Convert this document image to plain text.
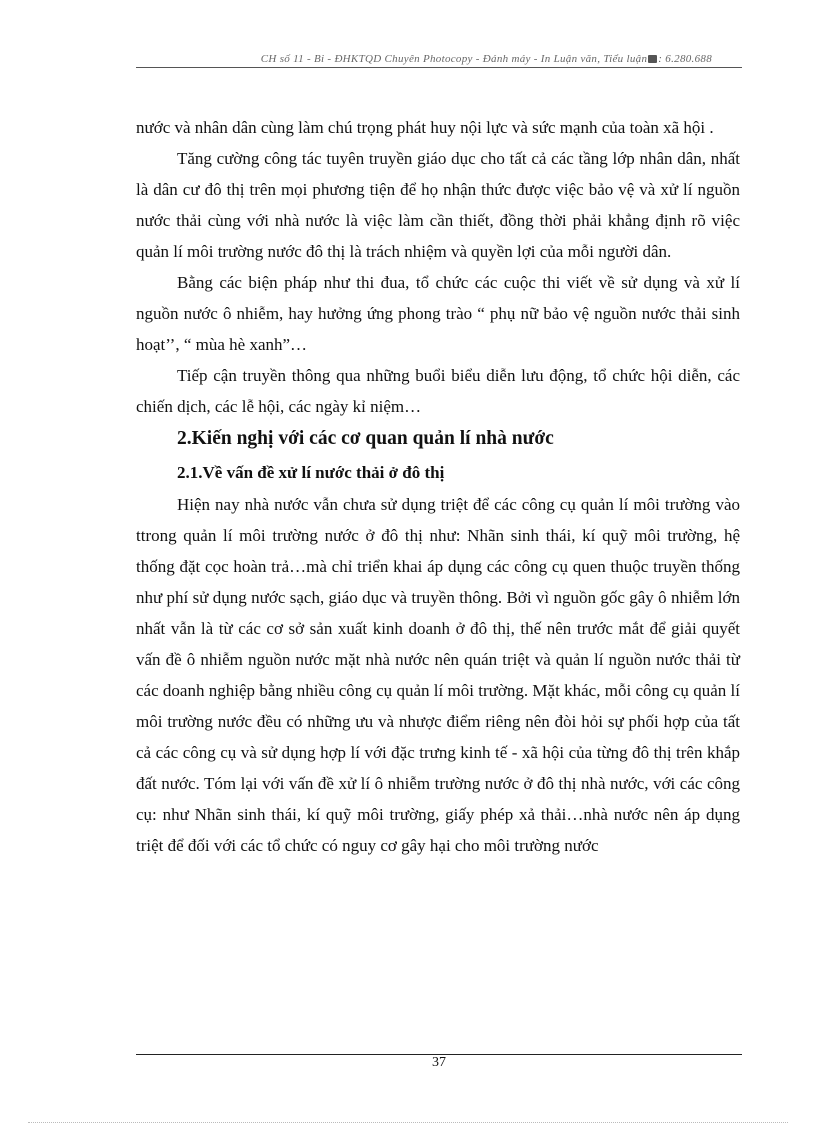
CH số 11 - Bi - ĐHKTQD Chuyên Photocopy - Đánh máy - In Luận văn, Tiểu luận : 6.280.688

nước và nhân dân cùng làm chú trọng phát huy nội lực và sức mạnh của toàn xã hội .

Tăng cường công tác tuyên truyền giáo dục cho tất cả các tầng lớp nhân dân, nhất là dân cư đô thị trên mọi phương tiện để họ nhận thức được việc bảo vệ và xử lí nguồn nước thải cùng với nhà nước là việc làm cần thiết, đồng thời phải khẳng định rõ việc quản lí môi trường nước đô thị là trách nhiệm và quyền lợi của mỗi người dân.

Bằng các biện pháp như thi đua, tổ chức các cuộc thi viết về sử dụng và xử lí nguồn nước ô nhiễm, hay hưởng ứng phong trào “ phụ nữ bảo vệ nguồn nước thải sinh hoạt’’, “ mùa hè xanh”…

Tiếp cận truyền thông qua những buổi biểu diễn lưu động, tổ chức hội diễn, các chiến dịch, các lễ hội, các ngày kỉ niệm…

2.Kiến nghị với các cơ quan quản lí nhà nước
2.1.Về vấn đề xử lí nước thải ở đô thị

Hiện nay nhà nước vẫn chưa sử dụng triệt để các công cụ quản lí môi trường vào ttrong quản lí môi trường nước ở đô thị như: Nhãn sinh thái, kí quỹ môi trường, hệ thống đặt cọc hoàn trả…mà chỉ triển khai áp dụng các công cụ quen thuộc truyền thống như phí sử dụng nước sạch, giáo dục và truyền thông. Bởi vì nguồn gốc gây ô nhiễm lớn nhất vẫn là từ các cơ sở sản xuất kinh doanh ở đô thị, thế nên trước mắt để giải quyết vấn đề ô nhiễm nguồn nước mặt nhà nước nên quán triệt và quản lí nguồn nước thải từ các doanh nghiệp bằng nhiều công cụ quản lí môi trường. Mặt khác, mỗi công cụ quản lí môi trường nước đều có những ưu và nhược điểm riêng nên đòi hỏi sự phối hợp của tất cả các công cụ và sử dụng hợp lí với đặc trưng kinh tế - xã hội của từng đô thị trên khắp đất nước. Tóm lại với vấn đề xử lí ô nhiễm trường nước ở đô thị nhà nước, với các công cụ: như Nhãn sinh thái, kí quỹ môi trường, giấy phép xả thải…nhà nước nên áp dụng triệt để đối với các tổ chức có nguy cơ gây hại cho môi trường nước

37
